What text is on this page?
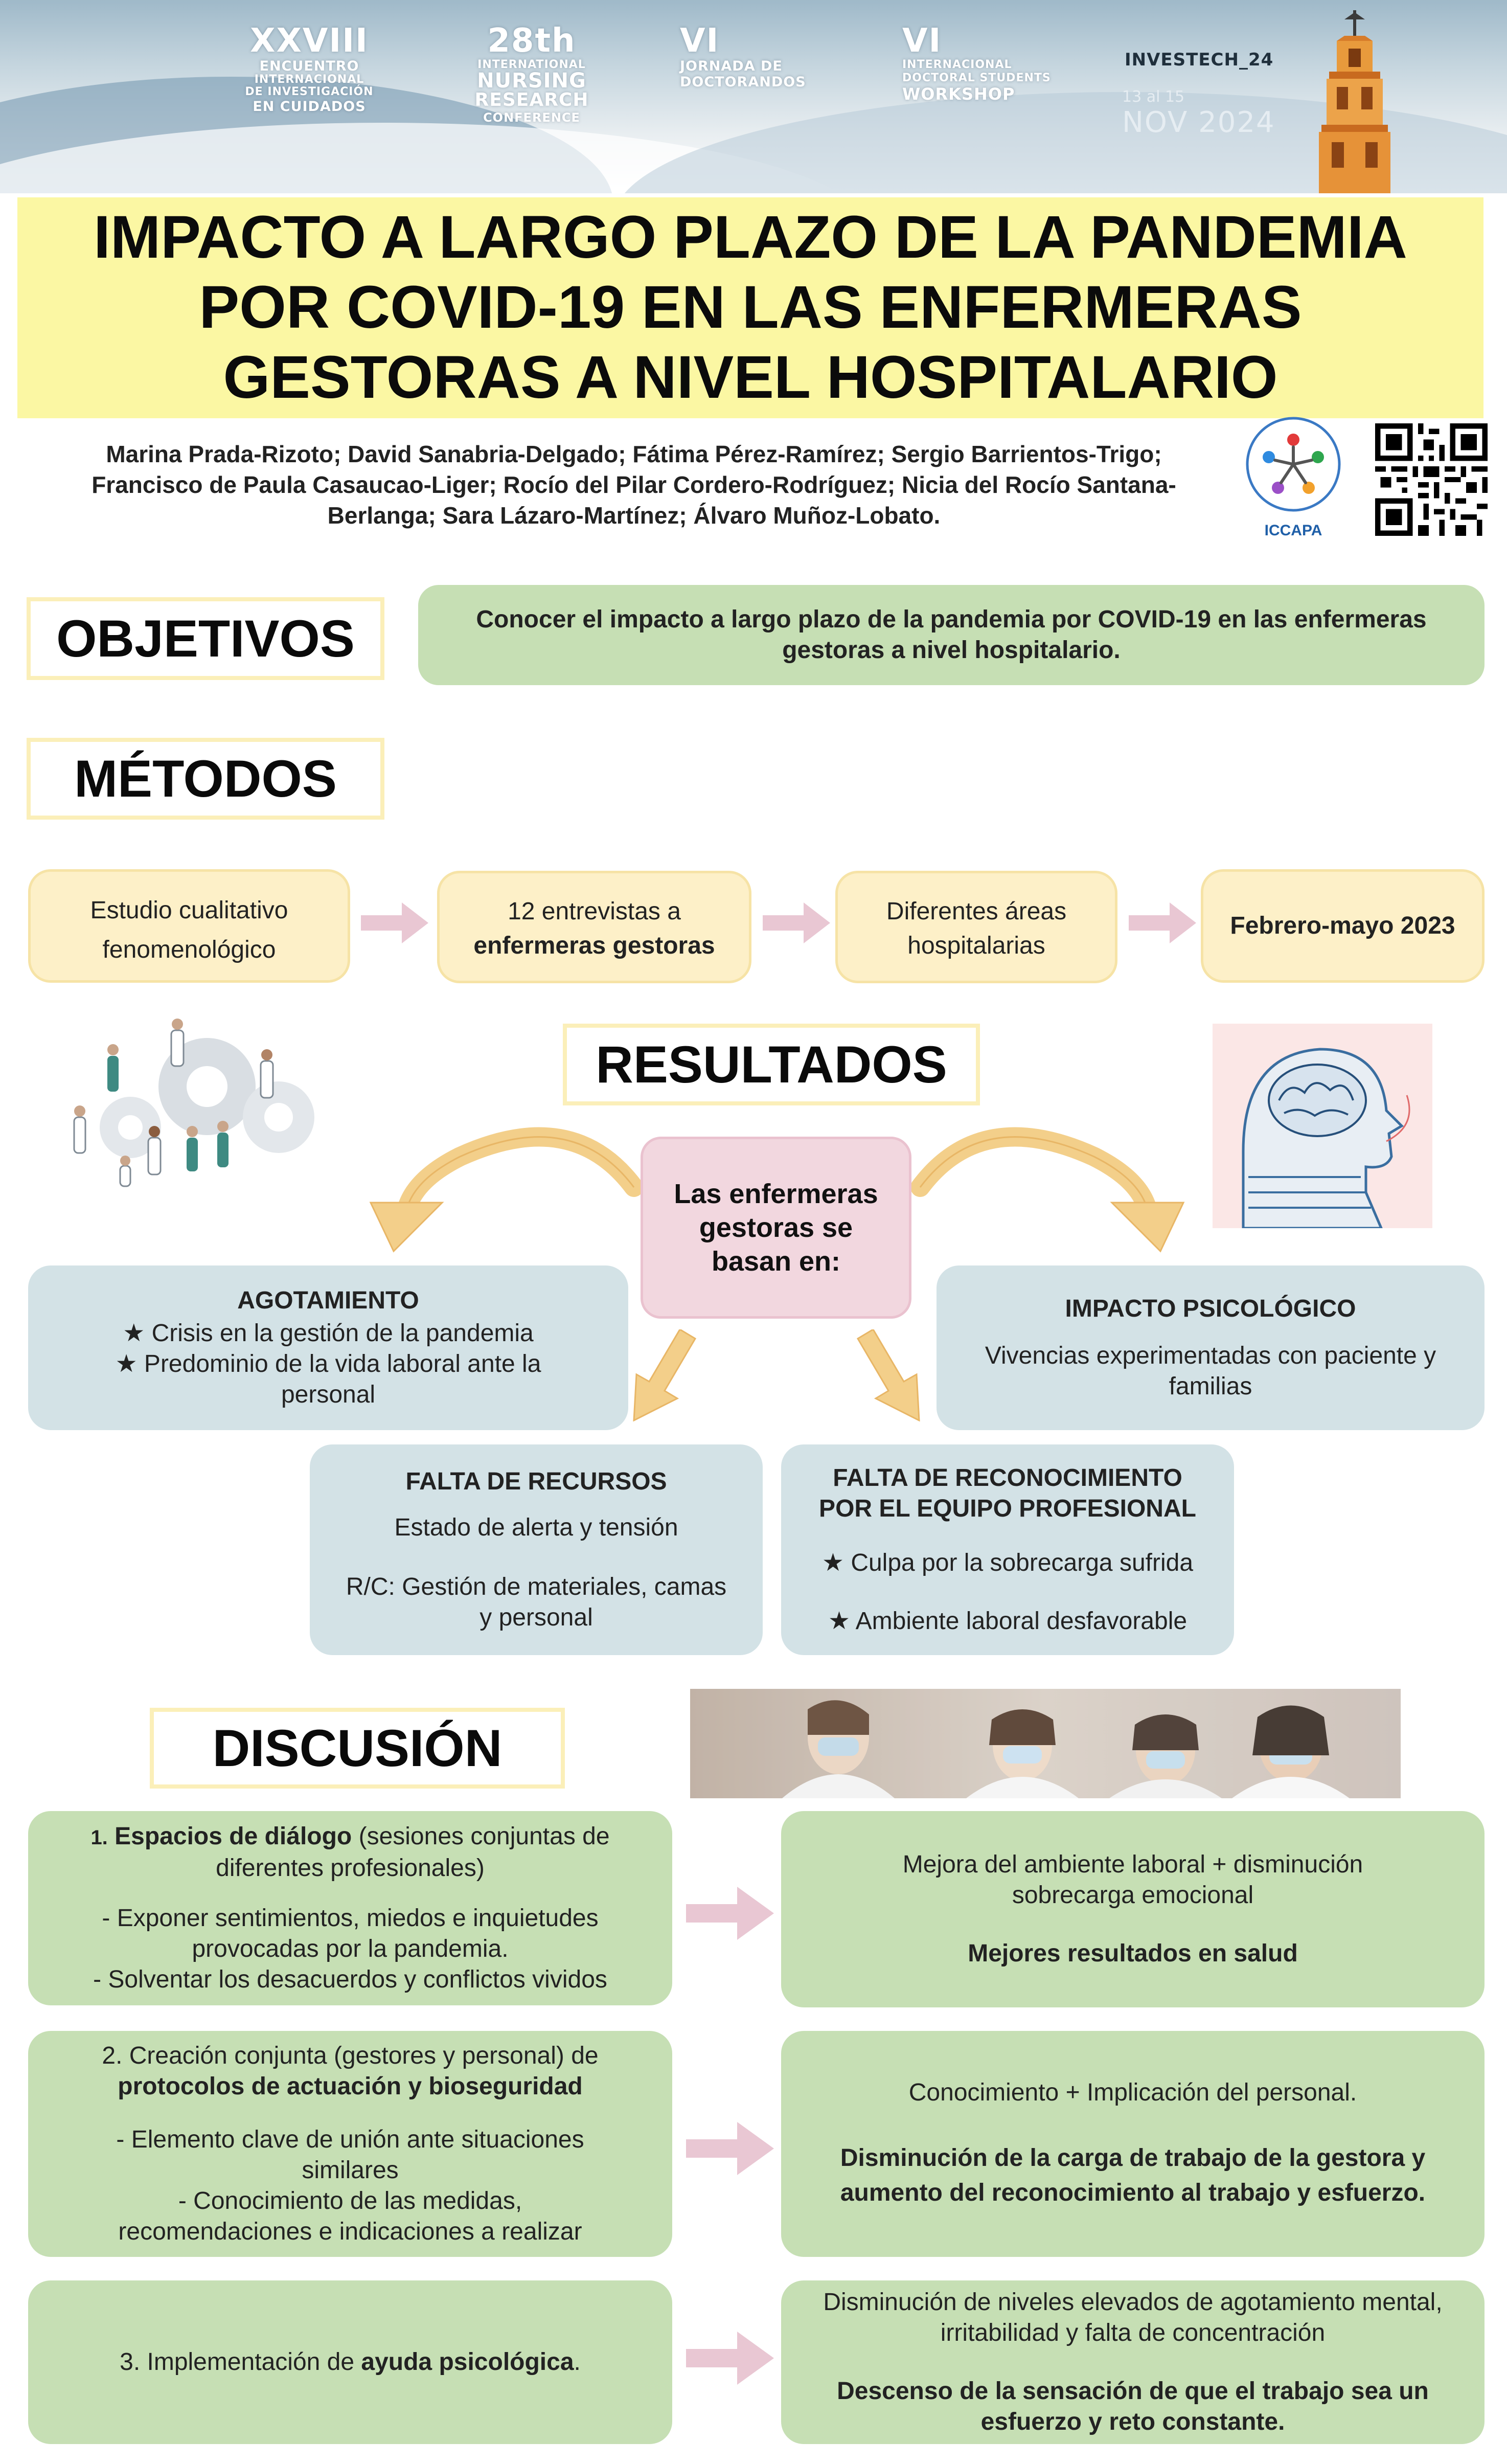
XXVIII
ENCUENTRO
INTERNACIONAL
DE INVESTIGACIÓN
EN CUIDADOS
28th
INTERNATIONAL
NURSING
RESEARCH
CONFERENCE
VI
JORNADA DE
DOCTORANDOS
VI
INTERNACIONAL
DOCTORAL STUDENTS
WORKSHOP
INVESTECH_24
13 al 15
NOV 2024
IMPACTO A LARGO PLAZO DE LA PANDEMIA
POR COVID-19 EN LAS ENFERMERAS
GESTORAS A NIVEL HOSPITALARIO
Marina Prada-Rizoto; David Sanabria-Delgado; Fátima Pérez-Ramírez; Sergio Barrientos-Trigo;
Francisco de Paula Casaucao-Liger; Rocío del Pilar Cordero-Rodríguez; Nicia del Rocío Santana-
Berlanga; Sara Lázaro-Martínez; Álvaro Muñoz-Lobato.
ICCAPA
OBJETIVOS	Conocer el impacto a largo plazo de la pandemia por COVID-19 en las enfermeras
gestoras a nivel hospitalario.
MÉTODOS
Estudio cualitativo
fenomenológico
12 entrevistas a
enfermeras gestoras
Diferentes áreas
hospitalarias
Febrero-mayo 2023
RESULTADOS
Las enfermeras
gestoras se
basan en:
AGOTAMIENTO
★ Crisis en la gestión de la pandemia
★ Predominio de la vida laboral ante la
personal
IMPACTO PSICOLÓGICO
Vivencias experimentadas con paciente y
familias
FALTA DE RECURSOS
Estado de alerta y tensión
R/C: Gestión de materiales, camas
y personal
FALTA DE RECONOCIMIENTO
POR EL EQUIPO PROFESIONAL
★ Culpa por la sobrecarga sufrida
★ Ambiente laboral desfavorable
DISCUSIÓN
1. Espacios de diálogo (sesiones conjuntas de
diferentes profesionales)
- Exponer sentimientos, miedos e inquietudes
provocadas por la pandemia.
- Solventar los desacuerdos y conflictos vividos
Mejora del ambiente laboral + disminución
sobrecarga emocional
Mejores resultados en salud
2. Creación conjunta (gestores y personal) de
protocolos de actuación y bioseguridad
- Elemento clave de unión ante situaciones
similares
- Conocimiento de las medidas,
recomendaciones e indicaciones a realizar
Conocimiento + Implicación del personal.
Disminución de la carga de trabajo de la gestora y
aumento del reconocimiento al trabajo y esfuerzo.
3. Implementación de ayuda psicológica.
Disminución de niveles elevados de agotamiento mental,
irritabilidad y falta de concentración
Descenso de la sensación de que el trabajo sea un
esfuerzo y reto constante.
